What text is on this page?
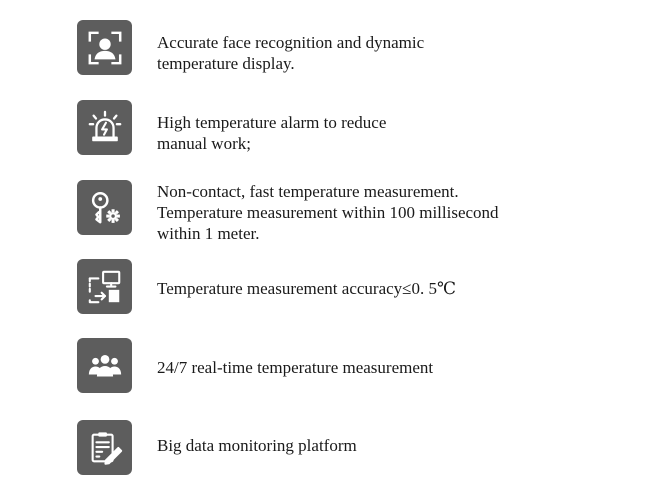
Accurate face recognition and dynamic
temperature display.
High temperature alarm to reduce
manual work;
Non-contact, fast temperature measurement.
Temperature measurement within 100 millisecond
within 1 meter.
Temperature measurement accuracy≤0. 5℃
24/7 real-time temperature measurement
Big data monitoring platform
